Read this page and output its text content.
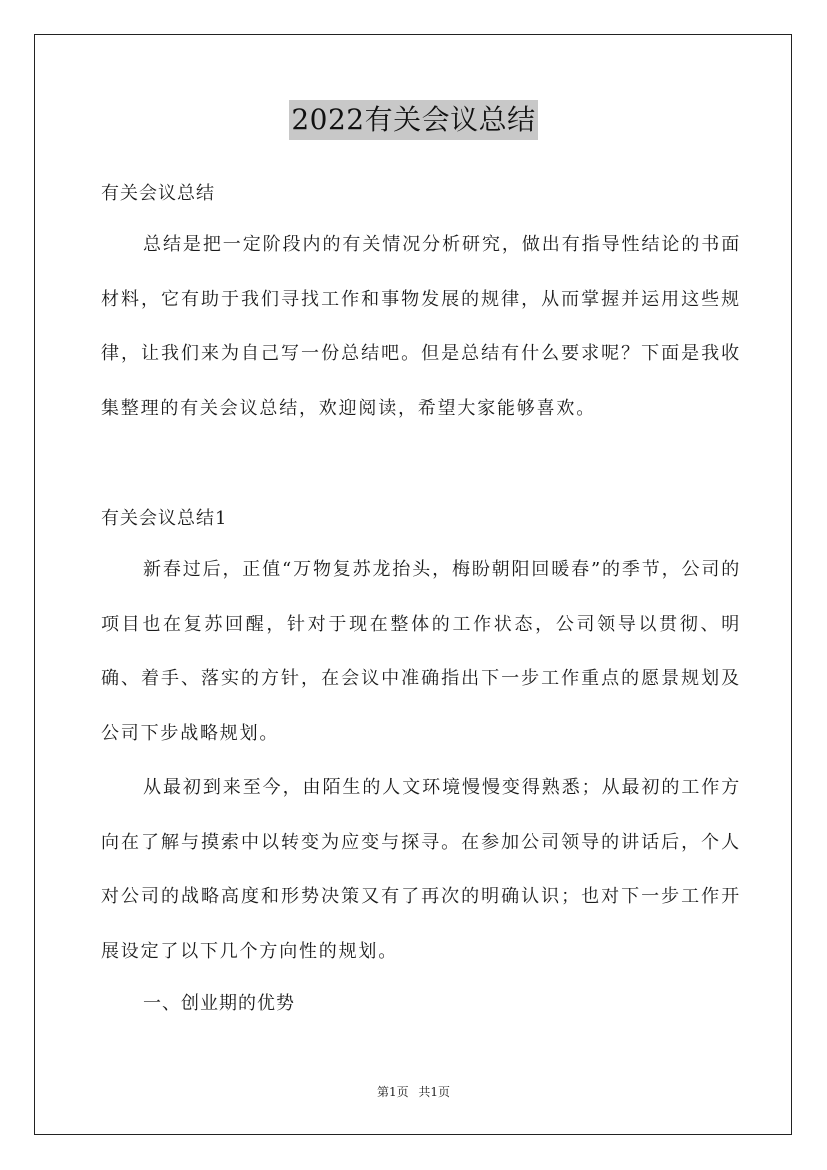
2022有关会议总结
有关会议总结

总结是把一定阶段内的有关情况分析研究，做出有指导性结论的书面材料，它有助于我们寻找工作和事物发展的规律，从而掌握并运用这些规律，让我们来为自己写一份总结吧。但是总结有什么要求呢？下面是我收集整理的有关会议总结，欢迎阅读，希望大家能够喜欢。

有关会议总结1

新春过后，正值“万物复苏龙抬头，梅盼朝阳回暖春”的季节，公司的项目也在复苏回醒，针对于现在整体的工作状态，公司领导以贯彻、明确、着手、落实的方针，在会议中准确指出下一步工作重点的愿景规划及公司下步战略规划。

从最初到来至今，由陌生的人文环境慢慢变得熟悉；从最初的工作方向在了解与摸索中以转变为应变与探寻。在参加公司领导的讲话后，个人对公司的战略高度和形势决策又有了再次的明确认识；也对下一步工作开展设定了以下几个方向性的规划。

一、创业期的优势
第1页 共1页
